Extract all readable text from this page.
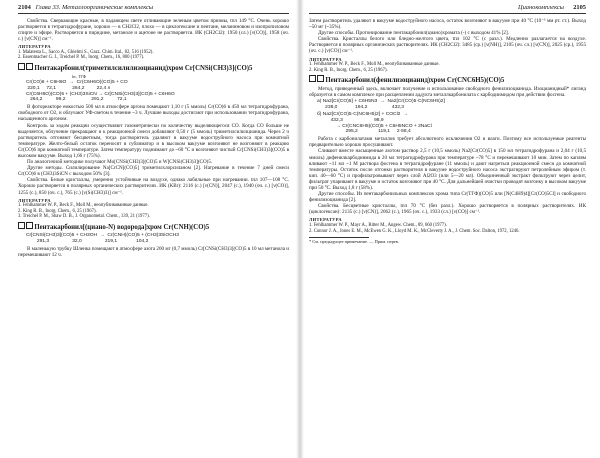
2104 Глава 33. Металлоорганические комплексы

Свойства. Сверкающие красные, в падающем свете отливающие зеленым цветом призмы, tпл 149 °С. Очень хорошо растворяется в тетрагидрофуране, хорошо — в CH2Cl2, плохо — в циклогексане и пентане, меланиновом и изопропиловом спирте и эфире. Растворяется в пиридине, метаноле и ацетоне не растворяется. ИК (CH2Cl2): 1950 (сл.) [ν(CO)], 1958 (оч. с.) [ν(CN)] см⁻¹.

ЛИТЕРАТУРА

1. Malatesta L., Sacco A., Ghielmi S., Gazz. Chim. Ital., 82, 516 (1952).

2. Essenmacher G. J., Treichel P. M., Inorg. Chem., 16, 800 (1977).

Пентакарбонил(триметилсилилизоцианид)хром Cr[CNSi(CH3)3](CO)5

hν, ТГФ
Cr(CO)6 + C6H6O  →  Cr(C6H6O)(CO)5 + CO
220,1     72,1            264,2         22,4 л
Cr(C6H6O)(CO)5 + (CH3)3SiCN → Cr[CNSi(CH3)3](CO)5 + C6H6O
264,2          99,2                   291,2          72,1

В фотореакторе емкостью 500 мл в атмосфере аргона помещают 1,10 г (5 ммоль) Cr(CO)6 в 450 мл тетрагидрофурана, свободного от O2, и облучают УФ-светом в течение ~3 ч. Лучшие выходы достигают при использовании тетрагидрофурана, насыщенного аргоном.

Контроль за ходом реакции осуществляют газометрически по количеству выделяющегося CO. Когда CO больше не выделяется, облучение прекращают и к реакционной смеси добавляют 0,50 г (5 ммоль) триметилсилилцианида. Через 2 ч растворитель отгоняют бесцветным, тогда растворитель удаляют в вакууме водоструйного насоса при комнатной температуре. Желто-белый остаток переносят в сублиматор и в высоком вакууме возгоняют не возгоняют в реакцию Cr(CO)6 при комнатной температуре. Затем температуру поднимают до ~60 °С и возгоняют чистый Cr[CNSi(CH3)3](CO)5 в высоком вакууме. Выход 1,66 г (75%).

По аналогичной методике получают Mo[CNSi(CH3)3](CO)5 и W[CNSi(CH3)3](CO)5.

Другие методы. Силилирование Na[CrCN](CO)5] триметилхлорсиланом [2]. Нагревание в течение 7 дней смеси Cr(CO)6 в (CH3)3SiCN с выходом 50% [3].

Свойства. Белые кристаллы, умеренно устойчивые на воздухе, однако лабильные при нагревании. tпл 107—108 °С. Хорошо растворяется в полярных органических растворителях. ИК (KBr): 2116 (с.) [ν(CN)], 2047 (с.), 1940 (оч. с.) [ν(CO)], 1255 (с.), 850 (оч. с.), 765 (с.) [ν(Si(CH3)3)] см⁻¹.

ЛИТЕРАТУРА

1. Fehlhammer W. P., Beck F., Moll M., неопубликованные данные.

2. King R. B., Inorg. Chem., 6, 25 (1967).

3. Treichel P. M., Shaw D. B., J. Organometal. Chem., 139, 21 (1977).

Пентакарбонил[(циано-N) водорода]хром Cr(CNH)(CO)5

Cr[CNSi(CH3)3](CO)5 + CH3OH  →  Cr(CNH)(CO)5 + (CH3)3SiOCH3
291,3                 32,0                 219,1              104,2

В маленькую трубку Шленка помещают в атмосфере азота 200 мг (0,7 ммоль) Cr[CNSi(CH3)3](CO)5 в 10 мл метанола и перемешивают 12 ч.

Цианокомплексы 2105

Затем растворитель удаляют в вакууме водоструйного насоса, остаток возгоняют в вакууме при 40 °С (10⁻³ мм рт. ст.). Выход ~50 мг (~35%).

Другие способы. Протонирование пентакарбонил(циано)хромата (-) с выходом 41% [2].

Свойства. Кристаллы белого или бледно-желтого цвета, tпл 102 °С (с разл.). Медленно разлагается на воздухе. Растворяется в полярных органических растворителях. ИК (CH2Cl2): 3485 (ср.) [ν(NH)], 2105 (оч. сл.) [ν(CN)], 2025 (ср.), 1955 (оч. с.) [ν(CO)] см⁻¹.

ЛИТЕРАТУРА

1. Fehlhammer W. P., Beck F., Moll M., неопубликованные данные.

2. King R. B., Inorg. Chem., 6, 25 (1967).

Пентакарбонил(фенилизоцианид)хром Cr(CNC6H5)(CO)5

Метод, приведенный здесь, включает получение и использование свободного фенилизоцианида. Изоцианидный* лиганд образуется в самом комплексе при расщеплении аддукта металлкарбонилата с карбодиимидом при действии фосгена.

a) Na2[Cr(CO)5] + C6H5N3  →  Na2[Cr(CO)5·C(NC6H5)2]
238,0             194,2                  432,3
б) Na2[Cr(CO)5·C(NC6H5)2] + COCl2  →
432,3                       98,9
→ Cr(CNC6H5)(CO)5 + C6H5NCO + 2NaCl
295,2               119,1     2·58,4

Работа с карбонилатами металлов требует абсолютного исключения O2 и влаги. Поэтому все используемые реагенты предварительно хорошо просушивают.

Сливают вместе насыщенные азотом раствор 2,5 г (10,5 ммоль) Na2[Cr(CO)5] в 150 мл тетрагидрофурана и 2,04 г (10,5 ммоль) дифенилкарбодиимида в 20 мл тетрагидрофурана при температуре ~78 °С и перемешивают 10 мин. Затем по каплям вливают ~11 мл ~1 М раствора фосгена в тетрагидрофуране (11 ммоль) и дают нагреться реакционной смеси до комнатной температуры. Остаток после отгонки растворителя в вакууме водоструйного насоса экстрагируют петролейным эфиром (т. кип. 40—60 °С) и профильтровывают через слой Al2O3 (или 5—20 мл). Объединенный экстракт фильтруют через целит, фильтрат упаривают в вакууме и остаток возгоняют при 40 °С. Для дальнейшей очистки проводят возгонку в высоком вакууме при 50 °С. Выход 1,8 г (58%).

Другие способы. Из пентакарбонильных комплексов хрома типа Cr(ТГФ)(CO)5 или [N(C4H9)4][Cr(CO)5Cl] и свободного фенилизоцианида [2].

Свойства. Бесцветные кристаллы, tпл 70 °С (без разл.). Хорошо растворяется в полярных растворителях. ИК (циклогексан): 2135 (с.) [ν(CN)], 2062 (с.), 1965 (оч. с.), 1933 (сл.) [ν(CO)] см⁻¹.

ЛИТЕРАТУРА

1. Fehlhammer W. P., Mayr A., Ritter M., Angew. Chem., 89, 660 (1977).

2. Connor J. A., Jones E. M., McEwen G. K., Lloyd M. K., McCleverty J. A., J. Chem. Soc. Dalton, 1972, 1246.

* См. предыдущее примечание. — Прим. перев.
